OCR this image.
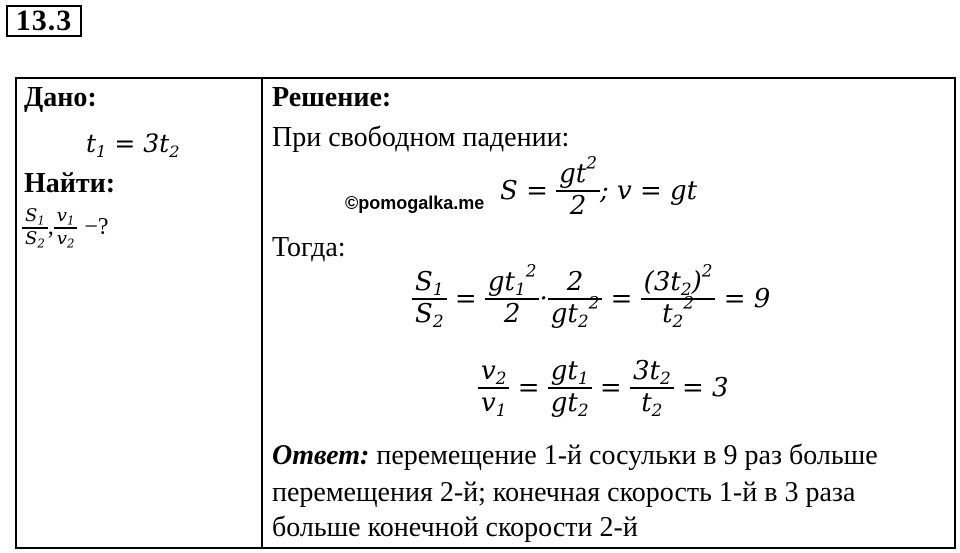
13.3
Дано:
$t_1 = 3t_2$
Найти:
$\frac{S_1}{S_2}$ , $\frac{v_1}{v_2}$ −?
Решение:
При свободном падении:
©pomogalka.me $S = \frac{gt^2}{2}$ ; v = gt
Тогда:
$\frac{S_1}{S_2} = \frac{gt_1^2}{2} \cdot \frac{2}{gt_2^2} = \frac{(3t_2)^2}{t_2^2}$
= 9
$\frac{v_2}{v_1} = \frac{gt_1}{gt_2} = \frac{3t_2}{t_2}$
= 3
Ответ: перемещение 1-й сосульки в 9 раз больше
перемещения 2-й; конечная скорость 1-й в 3 раза
больше конечной скорости 2-й
